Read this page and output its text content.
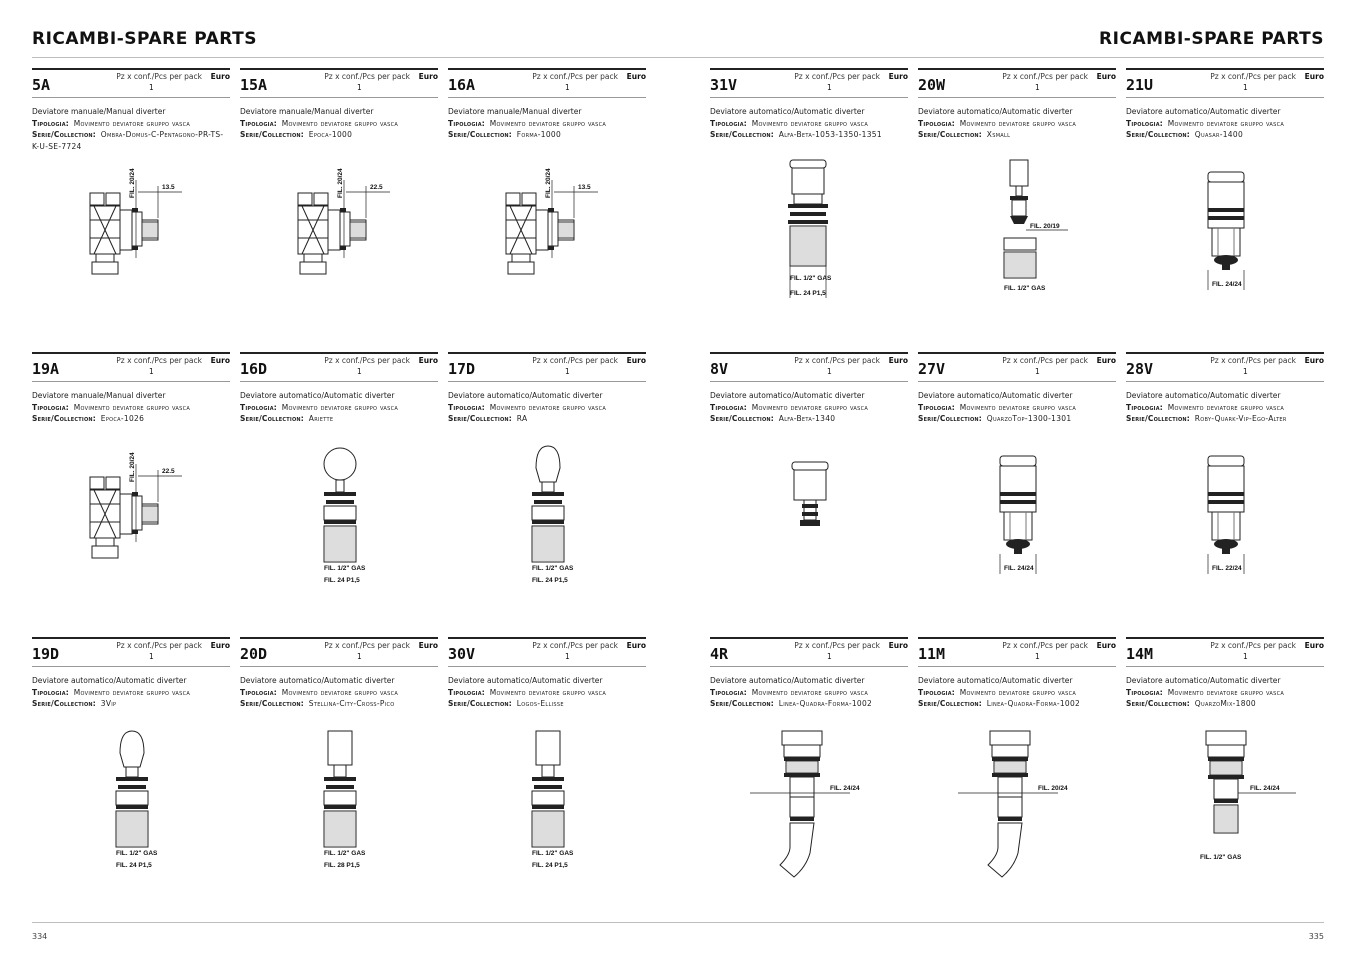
RICAMBI-SPARE PARTS	RICAMBI-SPARE PARTS
5A	Pz x conf./Pcs per pack Euro
1
Deviatore manuale/Manual diverter
Tipologia: Movimento deviatore gruppo vasca
Serie/Collection: Ombra-Domus-C-Pentagono-PR-TS-K-U-SE-7724
13.5
FIL. 20/24
15A	Pz x conf./Pcs per pack Euro
1
Deviatore manuale/Manual diverter
Tipologia: Movimento deviatore gruppo vasca
Serie/Collection: Epoca-1000
22.5
FIL. 20/24
16A	Pz x conf./Pcs per pack Euro
1
Deviatore manuale/Manual diverter
Tipologia: Movimento deviatore gruppo vasca
Serie/Collection: Forma-1000
13.5
FIL. 20/24
31V	Pz x conf./Pcs per pack Euro
1
Deviatore automatico/Automatic diverter
Tipologia: Movimento deviatore gruppo vasca
Serie/Collection: Alfa-Beta-1053-1350-1351
FIL. 1/2" GAS
FIL. 24 P1,5
20W	Pz x conf./Pcs per pack Euro
1
Deviatore automatico/Automatic diverter
Tipologia: Movimento deviatore gruppo vasca
Serie/Collection: Xsmall
FIL. 20/19
FIL. 1/2" GAS
21U	Pz x conf./Pcs per pack Euro
1
Deviatore automatico/Automatic diverter
Tipologia: Movimento deviatore gruppo vasca
Serie/Collection: Quasar-1400
FIL. 24/24
19A	Pz x conf./Pcs per pack Euro
1
Deviatore manuale/Manual diverter
Tipologia: Movimento deviatore gruppo vasca
Serie/Collection: Epoca-1026
22.5
FIL. 20/24
16D	Pz x conf./Pcs per pack Euro
1
Deviatore automatico/Automatic diverter
Tipologia: Movimento deviatore gruppo vasca
Serie/Collection: Ariette
FIL. 1/2" GAS
FIL. 24 P1,5
17D	Pz x conf./Pcs per pack Euro
1
Deviatore automatico/Automatic diverter
Tipologia: Movimento deviatore gruppo vasca
Serie/Collection: RA
FIL. 1/2" GAS
FIL. 24 P1,5
8V	Pz x conf./Pcs per pack Euro
1
Deviatore automatico/Automatic diverter
Tipologia: Movimento deviatore gruppo vasca
Serie/Collection: Alfa-Beta-1340
27V	Pz x conf./Pcs per pack Euro
1
Deviatore automatico/Automatic diverter
Tipologia: Movimento deviatore gruppo vasca
Serie/Collection: QuarzoTop-1300-1301
FIL. 24/24
28V	Pz x conf./Pcs per pack Euro
1
Deviatore automatico/Automatic diverter
Tipologia: Movimento deviatore gruppo vasca
Serie/Collection: Roby-Quark-Vip-Ego-Alter
FIL. 22/24
19D	Pz x conf./Pcs per pack Euro
1
Deviatore automatico/Automatic diverter
Tipologia: Movimento deviatore gruppo vasca
Serie/Collection: 3Vip
FIL. 1/2" GAS
FIL. 24 P1,5
20D	Pz x conf./Pcs per pack Euro
1
Deviatore automatico/Automatic diverter
Tipologia: Movimento deviatore gruppo vasca
Serie/Collection: Stellina-City-Cross-Pico
FIL. 1/2" GAS
FIL. 28 P1,5
30V	Pz x conf./Pcs per pack Euro
1
Deviatore automatico/Automatic diverter
Tipologia: Movimento deviatore gruppo vasca
Serie/Collection: Logos-Ellisse
FIL. 1/2" GAS
FIL. 24 P1,5
4R	Pz x conf./Pcs per pack Euro
1
Deviatore automatico/Automatic diverter
Tipologia: Movimento deviatore gruppo vasca
Serie/Collection: Linea-Quadra-Forma-1002
FIL. 24/24
11M	Pz x conf./Pcs per pack Euro
1
Deviatore automatico/Automatic diverter
Tipologia: Movimento deviatore gruppo vasca
Serie/Collection: Linea-Quadra-Forma-1002
FIL. 20/24
14M	Pz x conf./Pcs per pack Euro
1
Deviatore automatico/Automatic diverter
Tipologia: Movimento deviatore gruppo vasca
Serie/Collection: QuarzoMix-1800
FIL. 24/24
FIL. 1/2" GAS
334	335
